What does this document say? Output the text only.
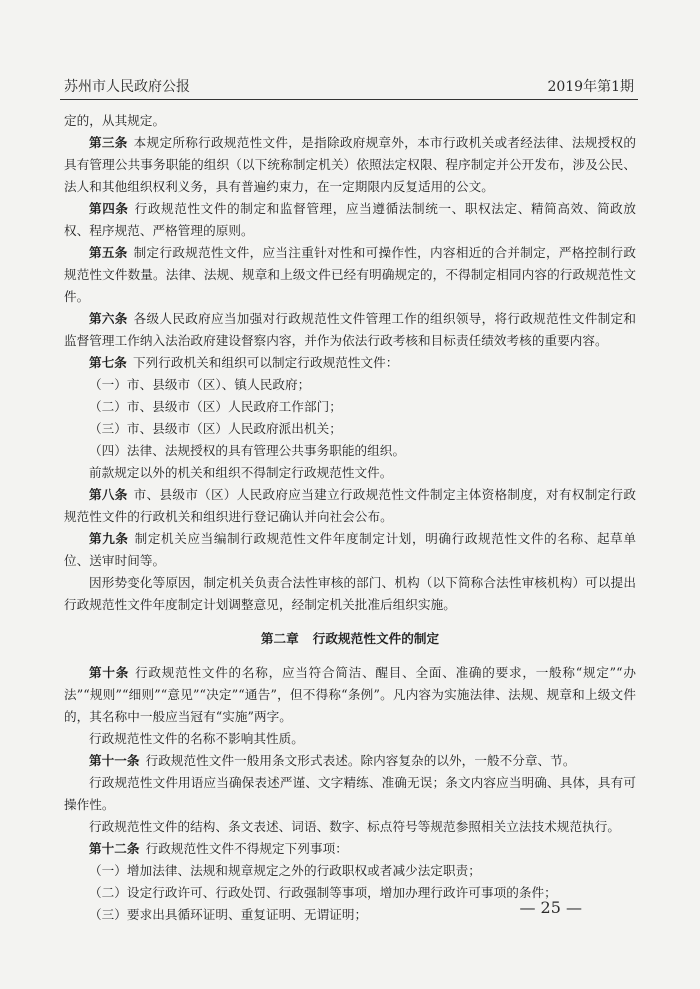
苏州市人民政府公报	2019年第1期

定的，从其规定。

第三条 本规定所称行政规范性文件，是指除政府规章外，本市行政机关或者经法律、法规授权的具有管理公共事务职能的组织（以下统称制定机关）依照法定权限、程序制定并公开发布，涉及公民、法人和其他组织权利义务，具有普遍约束力，在一定期限内反复适用的公文。

第四条 行政规范性文件的制定和监督管理，应当遵循法制统一、职权法定、精简高效、简政放权、程序规范、严格管理的原则。

第五条 制定行政规范性文件，应当注重针对性和可操作性，内容相近的合并制定，严格控制行政规范性文件数量。法律、法规、规章和上级文件已经有明确规定的，不得制定相同内容的行政规范性文件。

第六条 各级人民政府应当加强对行政规范性文件管理工作的组织领导，将行政规范性文件制定和监督管理工作纳入法治政府建设督察内容，并作为依法行政考核和目标责任绩效考核的重要内容。

第七条 下列行政机关和组织可以制定行政规范性文件：

（一）市、县级市（区）、镇人民政府；

（二）市、县级市（区）人民政府工作部门；

（三）市、县级市（区）人民政府派出机关；

（四）法律、法规授权的具有管理公共事务职能的组织。

前款规定以外的机关和组织不得制定行政规范性文件。

第八条 市、县级市（区）人民政府应当建立行政规范性文件制定主体资格制度，对有权制定行政规范性文件的行政机关和组织进行登记确认并向社会公布。

第九条 制定机关应当编制行政规范性文件年度制定计划，明确行政规范性文件的名称、起草单位、送审时间等。

因形势变化等原因，制定机关负责合法性审核的部门、机构（以下简称合法性审核机构）可以提出行政规范性文件年度制定计划调整意见，经制定机关批准后组织实施。

第二章 行政规范性文件的制定

第十条 行政规范性文件的名称，应当符合简洁、醒目、全面、准确的要求，一般称“规定”“办法”“规则”“细则”“意见”“决定”“通告”，但不得称“条例”。凡内容为实施法律、法规、规章和上级文件的，其名称中一般应当冠有“实施”两字。

行政规范性文件的名称不影响其性质。

第十一条 行政规范性文件一般用条文形式表述。除内容复杂的以外，一般不分章、节。

行政规范性文件用语应当确保表述严谨、文字精练、准确无误；条文内容应当明确、具体，具有可操作性。

行政规范性文件的结构、条文表述、词语、数字、标点符号等规范参照相关立法技术规范执行。

第十二条 行政规范性文件不得规定下列事项：

（一）增加法律、法规和规章规定之外的行政职权或者减少法定职责；

（二）设定行政许可、行政处罚、行政强制等事项，增加办理行政许可事项的条件；

（三）要求出具循环证明、重复证明、无谓证明；	— 25 —
